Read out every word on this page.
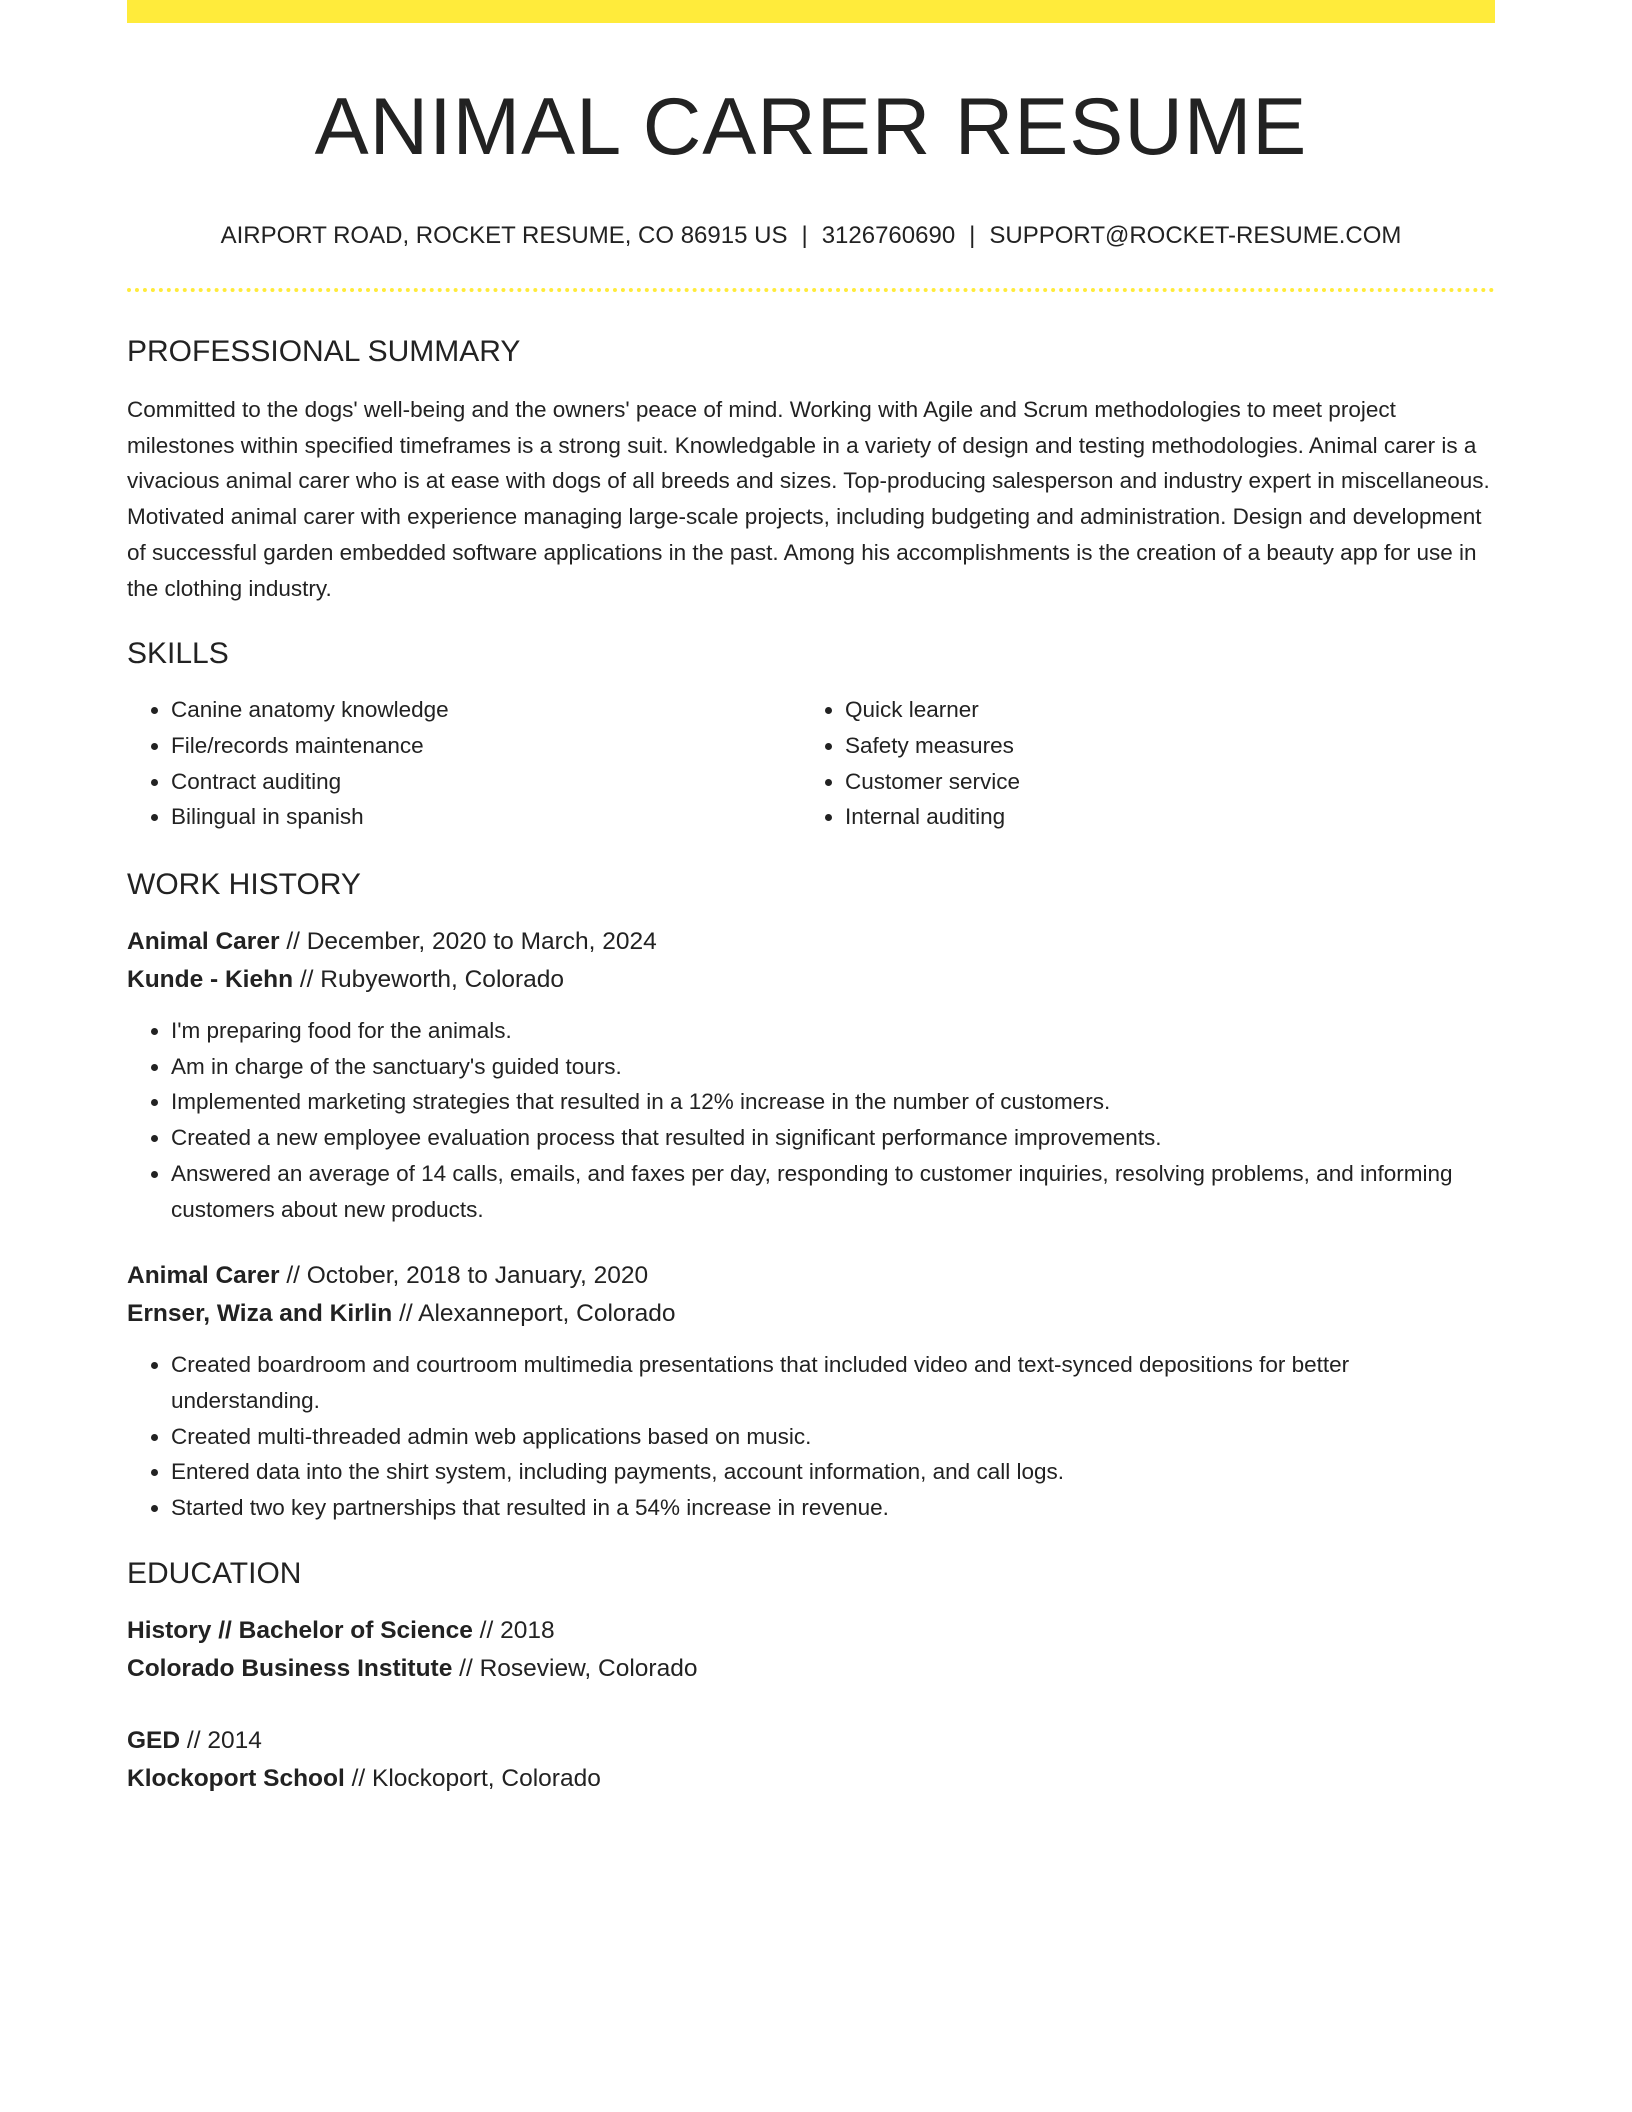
ANIMAL CARER RESUME
AIRPORT ROAD, ROCKET RESUME, CO 86915 US | 3126760690 | SUPPORT@ROCKET-RESUME.COM
PROFESSIONAL SUMMARY
Committed to the dogs' well-being and the owners' peace of mind. Working with Agile and Scrum methodologies to meet project milestones within specified timeframes is a strong suit. Knowledgable in a variety of design and testing methodologies. Animal carer is a vivacious animal carer who is at ease with dogs of all breeds and sizes. Top-producing salesperson and industry expert in miscellaneous. Motivated animal carer with experience managing large-scale projects, including budgeting and administration. Design and development of successful garden embedded software applications in the past. Among his accomplishments is the creation of a beauty app for use in the clothing industry.
SKILLS
• Canine anatomy knowledge
• File/records maintenance
• Contract auditing
• Bilingual in spanish
• Quick learner
• Safety measures
• Customer service
• Internal auditing
WORK HISTORY
Animal Carer // December, 2020 to March, 2024
Kunde - Kiehn // Rubyeworth, Colorado
• I'm preparing food for the animals.
• Am in charge of the sanctuary's guided tours.
• Implemented marketing strategies that resulted in a 12% increase in the number of customers.
• Created a new employee evaluation process that resulted in significant performance improvements.
• Answered an average of 14 calls, emails, and faxes per day, responding to customer inquiries, resolving problems, and informing customers about new products.
Animal Carer // October, 2018 to January, 2020
Ernser, Wiza and Kirlin // Alexanneport, Colorado
• Created boardroom and courtroom multimedia presentations that included video and text-synced depositions for better understanding.
• Created multi-threaded admin web applications based on music.
• Entered data into the shirt system, including payments, account information, and call logs.
• Started two key partnerships that resulted in a 54% increase in revenue.
EDUCATION
History // Bachelor of Science // 2018
Colorado Business Institute // Roseview, Colorado
GED // 2014
Klockoport School // Klockoport, Colorado
